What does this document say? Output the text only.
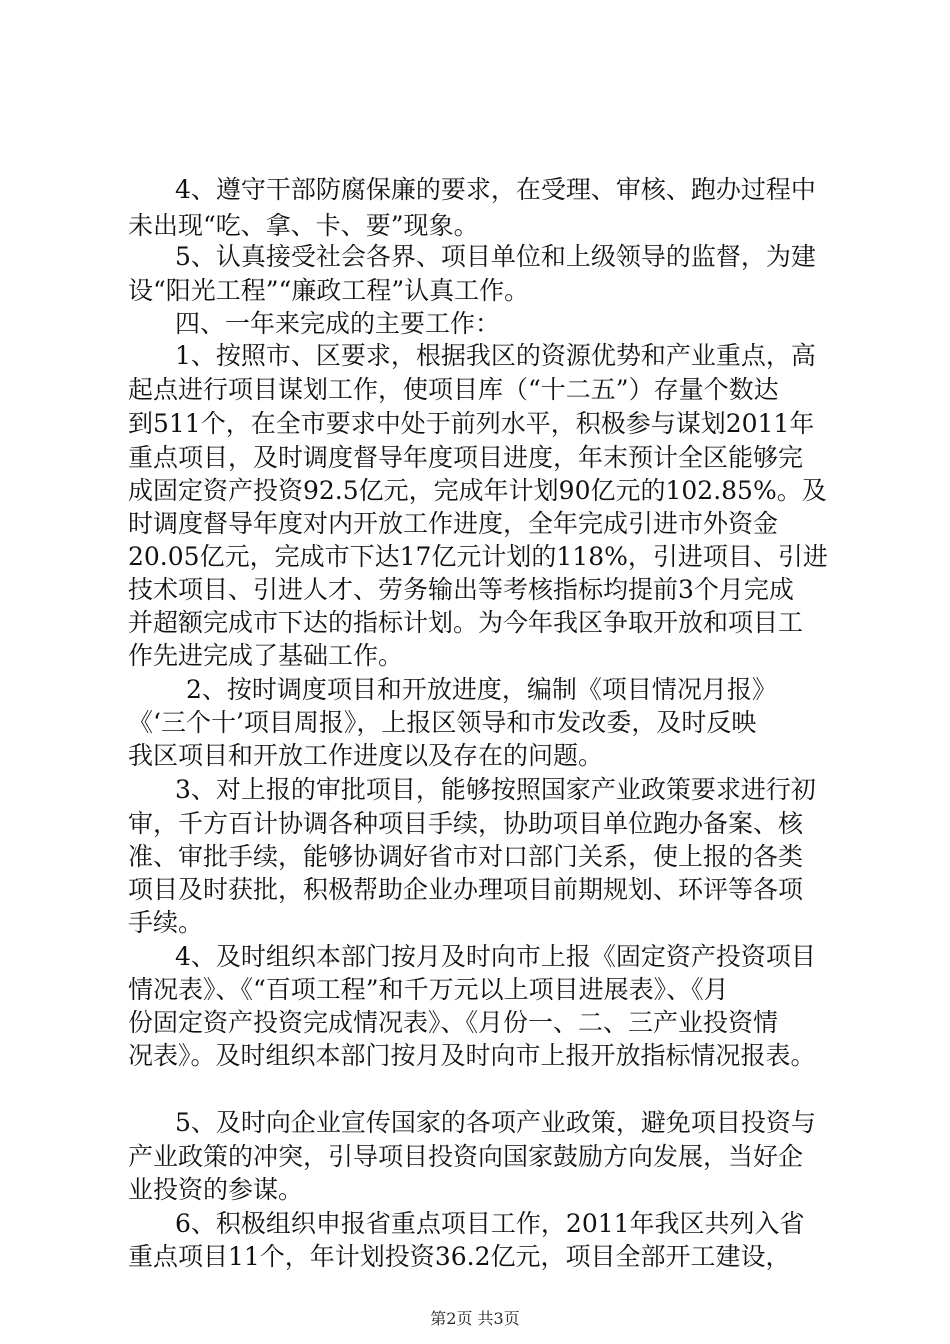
4、遵守干部防腐保廉的要求，在受理、审核、跑办过程中

未出现“吃、拿、卡、要”现象。

5、认真接受社会各界、项目单位和上级领导的监督，为建

设“阳光工程”“廉政工程”认真工作。

四、一年来完成的主要工作：

1、按照市、区要求，根据我区的资源优势和产业重点，高

起点进行项目谋划工作，使项目库（“十二五”）存量个数达

到511个，在全市要求中处于前列水平，积极参与谋划2011年

重点项目，及时调度督导年度项目进度，年末预计全区能够完

成固定资产投资92.5亿元，完成年计划90亿元的102.85%。及

时调度督导年度对内开放工作进度，全年完成引进市外资金

20.05亿元，完成市下达17亿元计划的118%，引进项目、引进

技术项目、引进人才、劳务输出等考核指标均提前3个月完成

并超额完成市下达的指标计划。为今年我区争取开放和项目工

作先进完成了基础工作。

2、按时调度项目和开放进度，编制《项目情况月报》

《‘三个十’项目周报》，上报区领导和市发改委，及时反映

我区项目和开放工作进度以及存在的问题。

3、对上报的审批项目，能够按照国家产业政策要求进行初

审，千方百计协调各种项目手续，协助项目单位跑办备案、核

准、审批手续，能够协调好省市对口部门关系，使上报的各类

项目及时获批，积极帮助企业办理项目前期规划、环评等各项

手续。

4、及时组织本部门按月及时向市上报《固定资产投资项目

情况表》、《“百项工程”和千万元以上项目进展表》、《月

份固定资产投资完成情况表》、《月份一、二、三产业投资情

况表》。及时组织本部门按月及时向市上报开放指标情况报表。

5、及时向企业宣传国家的各项产业政策，避免项目投资与

产业政策的冲突，引导项目投资向国家鼓励方向发展，当好企

业投资的参谋。

6、积极组织申报省重点项目工作，2011年我区共列入省

重点项目11个，年计划投资36.2亿元，项目全部开工建设，

第2页 共3页
